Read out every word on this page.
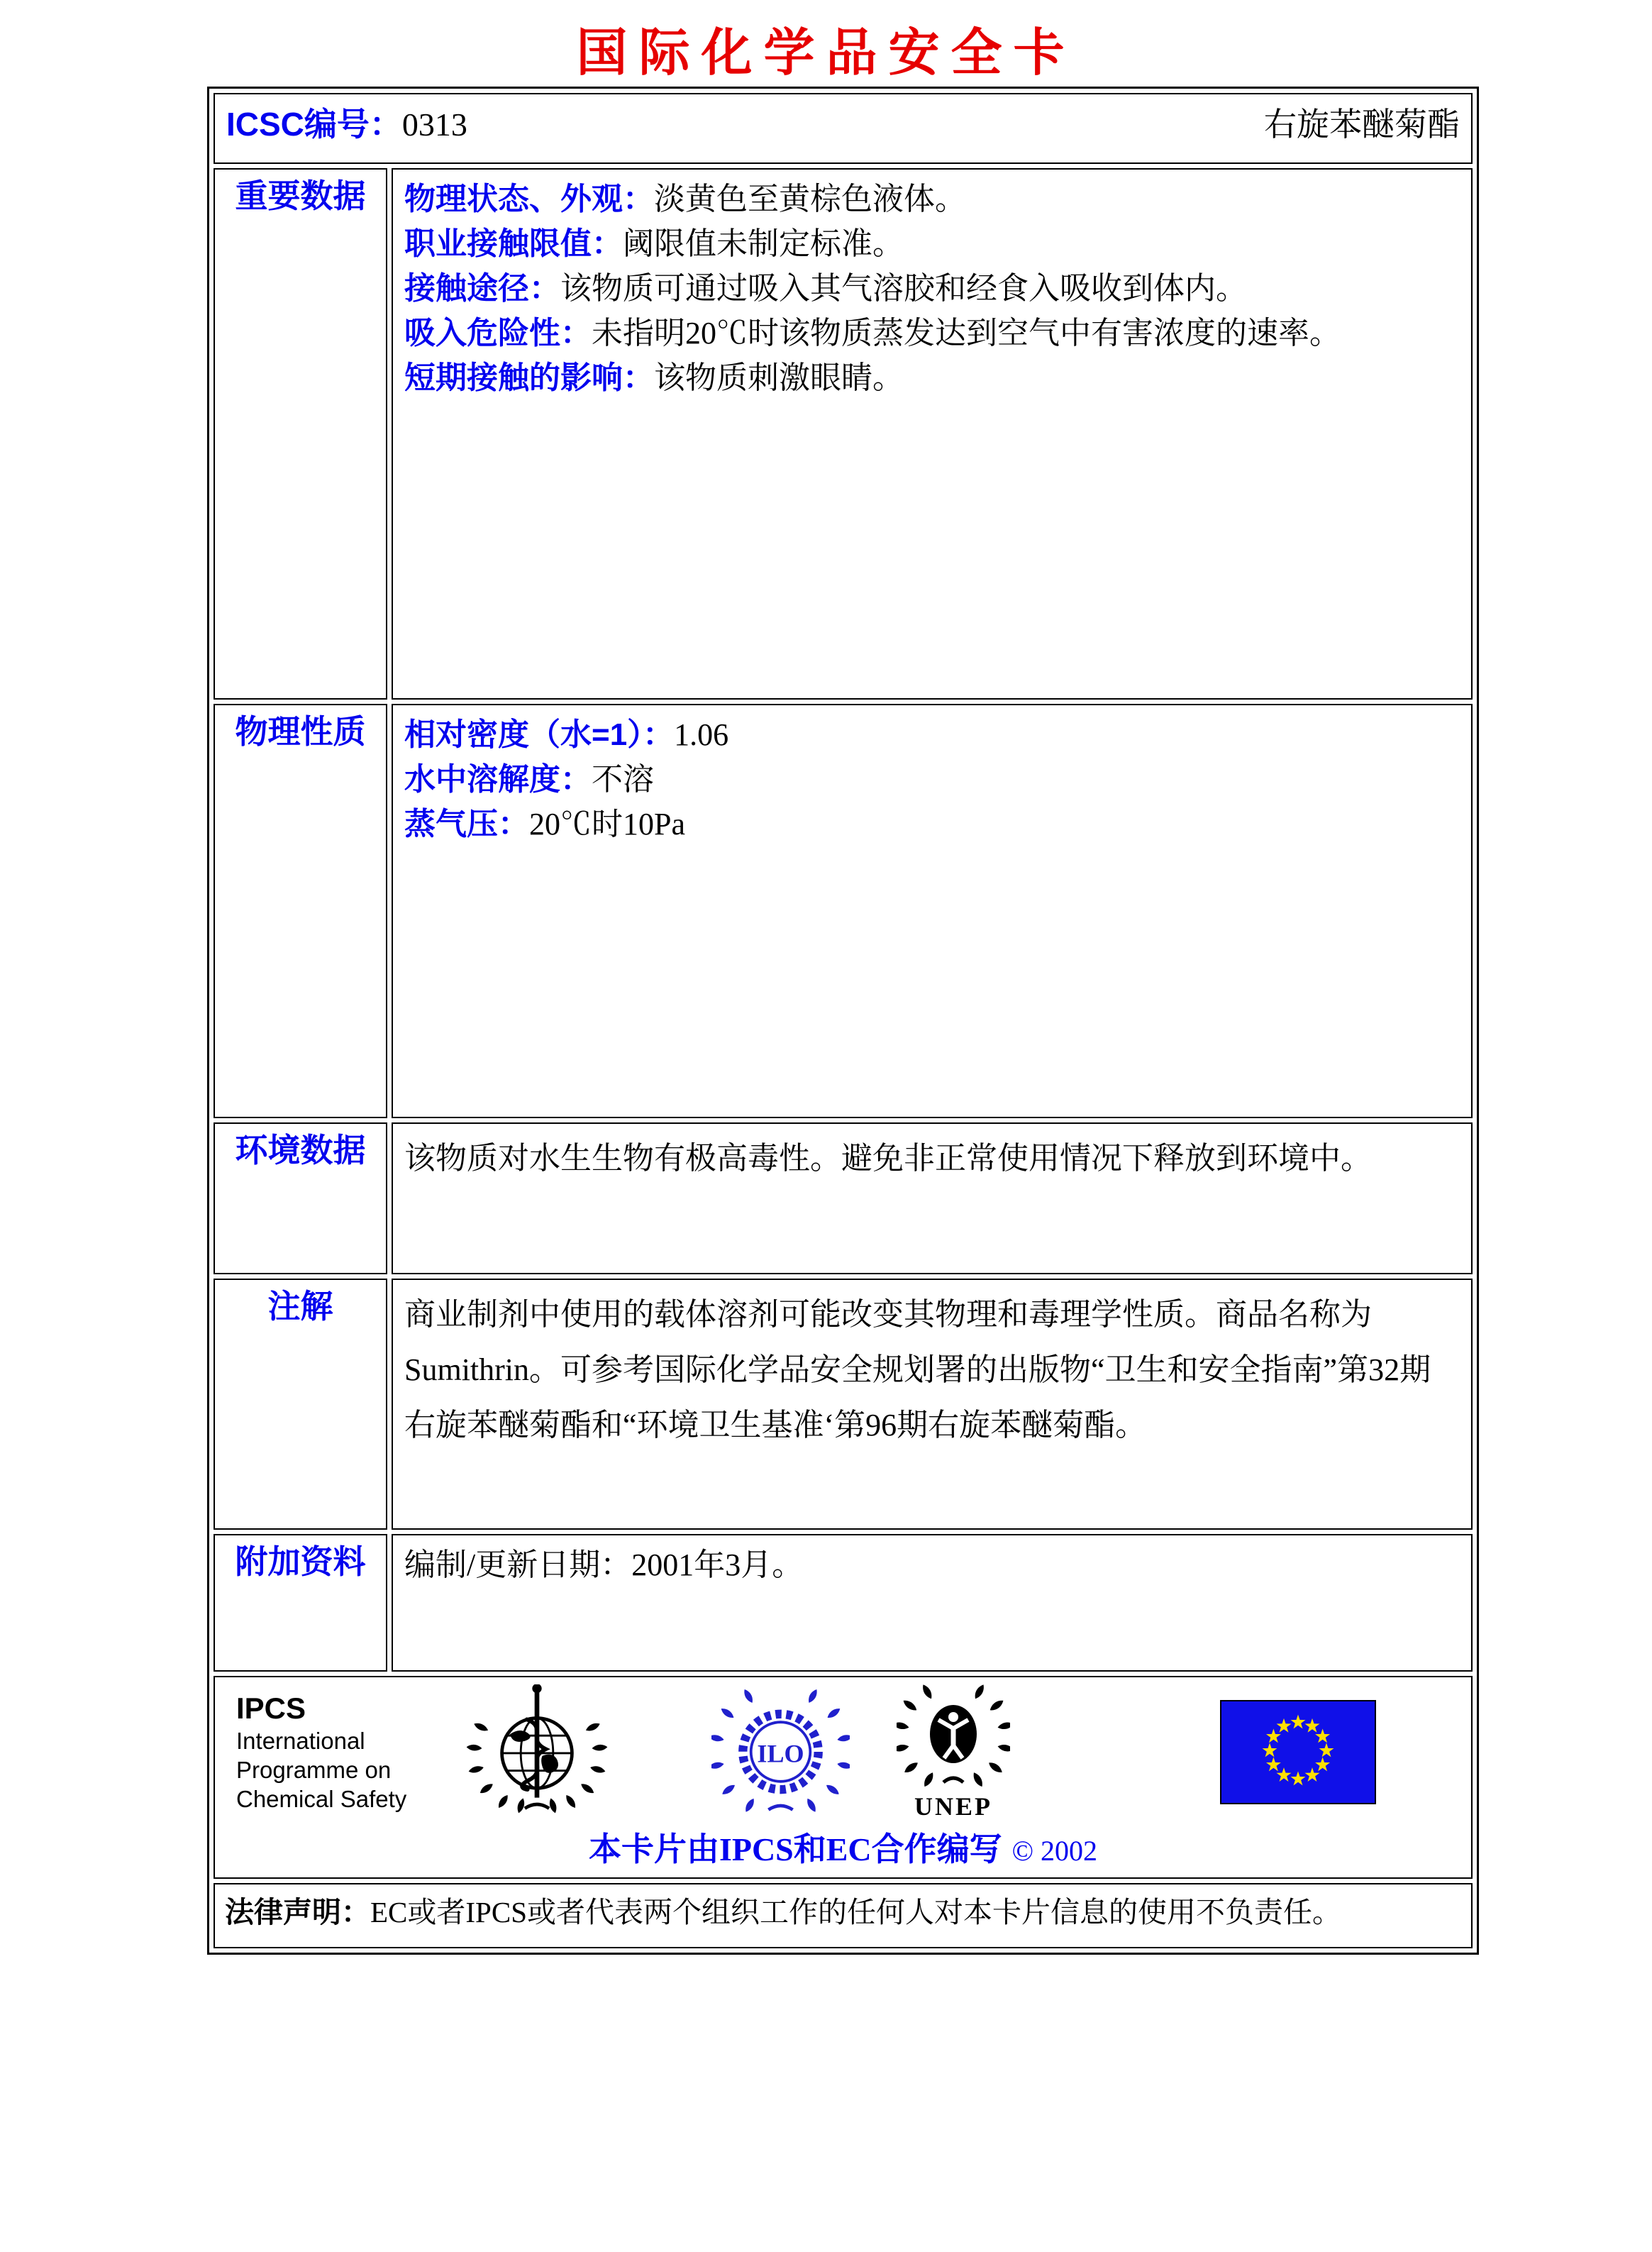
国际化学品安全卡
ICSC编号：0313 右旋苯醚菊酯	

重要数据	物理状态、外观：淡黄色至黄棕色液体。
职业接触限值：阈限值未制定标准。
接触途径：该物质可通过吸入其气溶胶和经食入吸收到体内。
吸入危险性：未指明20℃时该物质蒸发达到空气中有害浓度的速率。
短期接触的影响：该物质刺激眼睛。

物理性质	相对密度（水=1）：1.06
水中溶解度：不溶
蒸气压：20℃时10Pa

环境数据	该物质对水生生物有极高毒性。避免非正常使用情况下释放到环境中。

注解	商业制剂中使用的载体溶剂可能改变其物理和毒理学性质。商品名称为Sumithrin。可参考国际化学品安全规划署的出版物“卫生和安全指南”第32期右旋苯醚菊酯和“环境卫生基准‘第96期右旋苯醚菊酯。

附加资料	编制/更新日期：2001年3月。

IPCS
International
Programme on
Chemical Safety
ILO
UNEP
本卡片由IPCS和EC合作编写 © 2002

法律声明：EC或者IPCS或者代表两个组织工作的任何人对本卡片信息的使用不负责任。	
